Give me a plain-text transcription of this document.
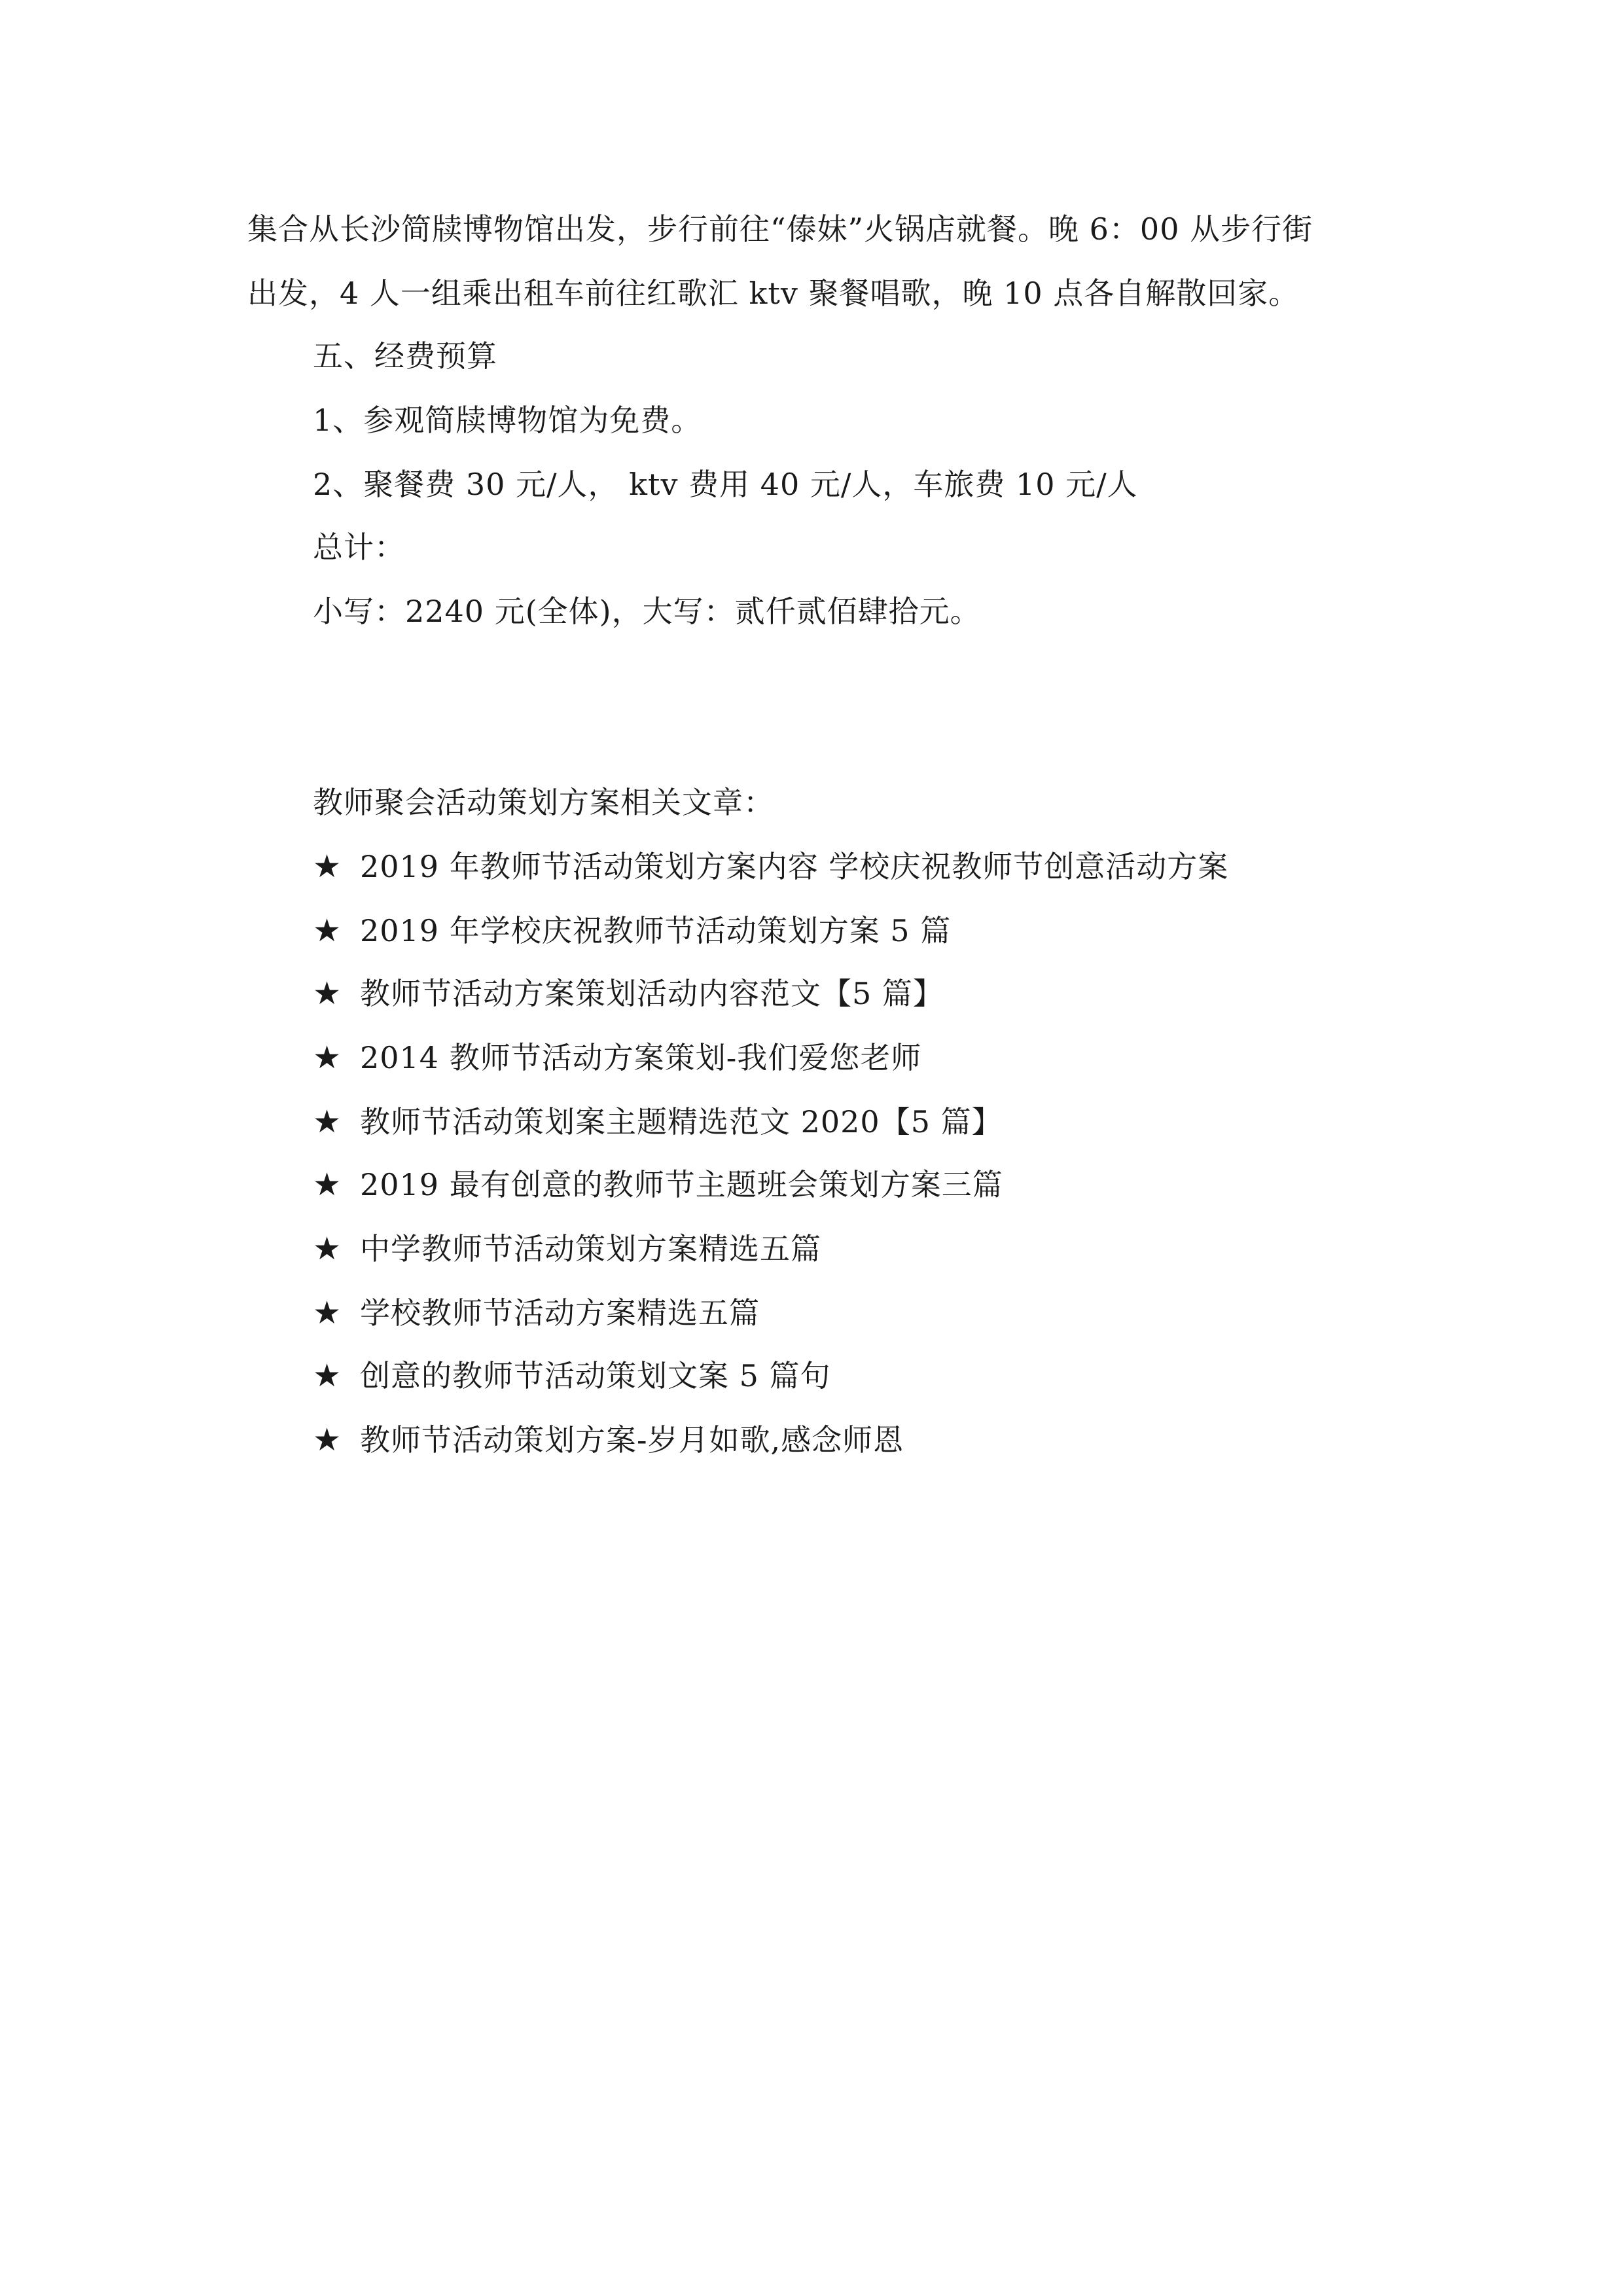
集合从长沙简牍博物馆出发，步行前往“傣妹”火锅店就餐。晚 6：00 从步行街
出发，4 人一组乘出租车前往红歌汇 ktv 聚餐唱歌，晚 10 点各自解散回家。
五、经费预算
1、参观简牍博物馆为免费。
2、聚餐费 30 元/人， ktv 费用 40 元/人，车旅费 10 元/人
总计：
小写：2240 元(全体)，大写：贰仟贰佰肆拾元。
教师聚会活动策划方案相关文章：
★ 2019 年教师节活动策划方案内容 学校庆祝教师节创意活动方案
★ 2019 年学校庆祝教师节活动策划方案 5 篇
★ 教师节活动方案策划活动内容范文【5 篇】
★ 2014 教师节活动方案策划-我们爱您老师
★ 教师节活动策划案主题精选范文 2020【5 篇】
★ 2019 最有创意的教师节主题班会策划方案三篇
★ 中学教师节活动策划方案精选五篇
★ 学校教师节活动方案精选五篇
★ 创意的教师节活动策划文案 5 篇句
★ 教师节活动策划方案-岁月如歌,感念师恩
